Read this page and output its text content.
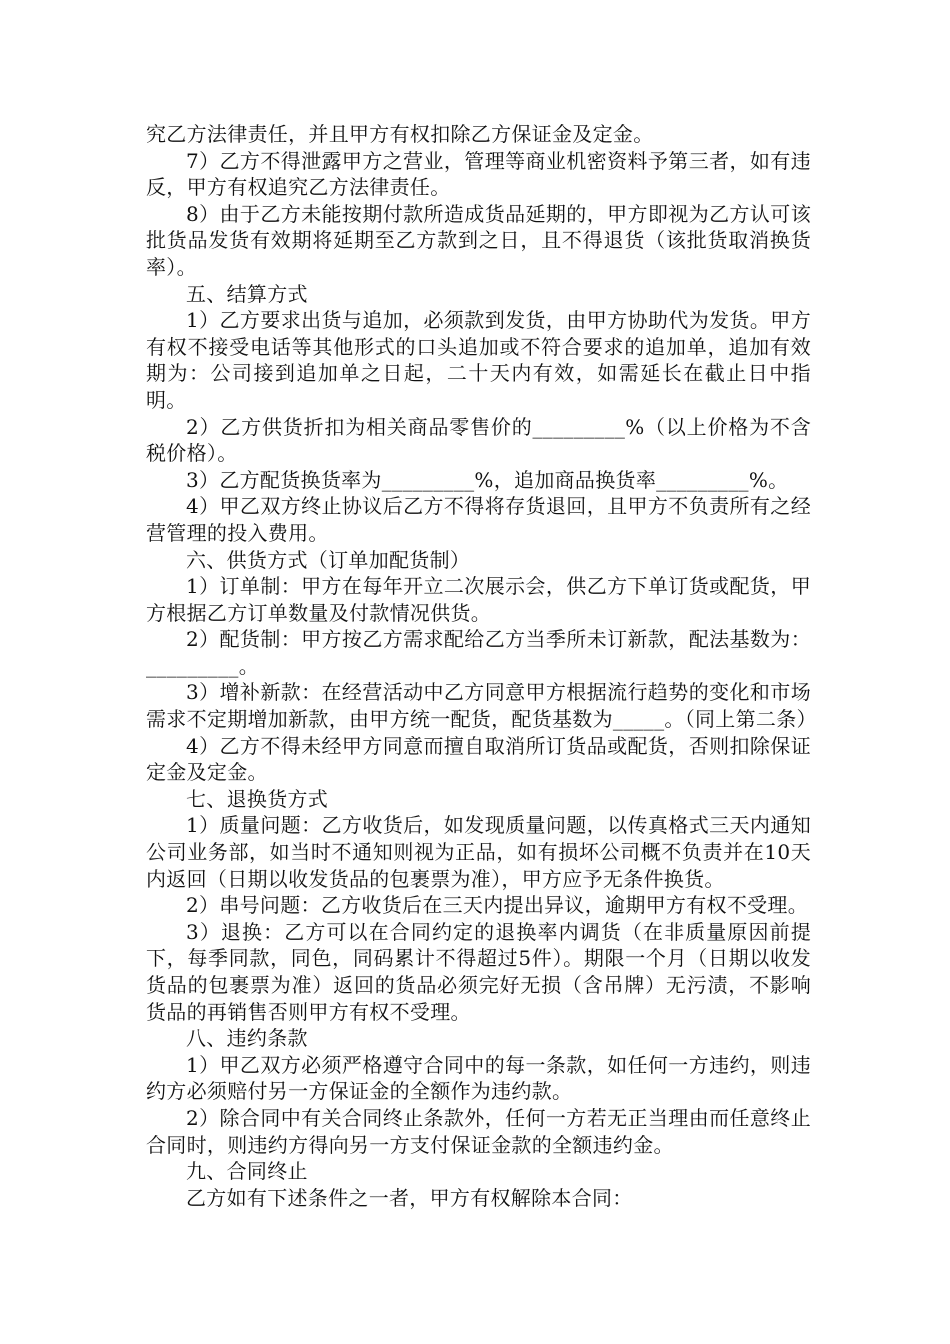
究乙方法律责任，并且甲方有权扣除乙方保证金及定金。

7）乙方不得泄露甲方之营业，管理等商业机密资料予第三者，如有违反，甲方有权追究乙方法律责任。

8）由于乙方未能按期付款所造成货品延期的，甲方即视为乙方认可该批货品发货有效期将延期至乙方款到之日，且不得退货（该批货取消换货率）。

五、结算方式

1）乙方要求出货与追加，必须款到发货，由甲方协助代为发货。甲方有权不接受电话等其他形式的口头追加或不符合要求的追加单，追加有效期为：公司接到追加单之日起，二十天内有效，如需延长在截止日中指明。

2）乙方供货折扣为相关商品零售价的_________%（以上价格为不含税价格）。

3）乙方配货换货率为_________%，追加商品换货率_________%。

4）甲乙双方终止协议后乙方不得将存货退回，且甲方不负责所有之经营管理的投入费用。

六、供货方式（订单加配货制）

1）订单制：甲方在每年开立二次展示会，供乙方下单订货或配货，甲方根据乙方订单数量及付款情况供货。

2）配货制：甲方按乙方需求配给乙方当季所未订新款，配法基数为：_________。

3）增补新款：在经营活动中乙方同意甲方根据流行趋势的变化和市场需求不定期增加新款，由甲方统一配货，配货基数为_____。（同上第二条）

4）乙方不得未经甲方同意而擅自取消所订货品或配货，否则扣除保证定金及定金。

七、退换货方式

1）质量问题：乙方收货后，如发现质量问题，以传真格式三天内通知公司业务部，如当时不通知则视为正品，如有损坏公司概不负责并在10天内返回（日期以收发货品的包裹票为准），甲方应予无条件换货。

2）串号问题：乙方收货后在三天内提出异议，逾期甲方有权不受理。

3）退换：乙方可以在合同约定的退换率内调货（在非质量原因前提下，每季同款，同色，同码累计不得超过5件）。期限一个月（日期以收发货品的包裹票为准）返回的货品必须完好无损（含吊牌）无污渍，不影响货品的再销售否则甲方有权不受理。

八、违约条款

1）甲乙双方必须严格遵守合同中的每一条款，如任何一方违约，则违约方必须赔付另一方保证金的全额作为违约款。

2）除合同中有关合同终止条款外，任何一方若无正当理由而任意终止合同时，则违约方得向另一方支付保证金款的全额违约金。

九、合同终止

乙方如有下述条件之一者，甲方有权解除本合同：
